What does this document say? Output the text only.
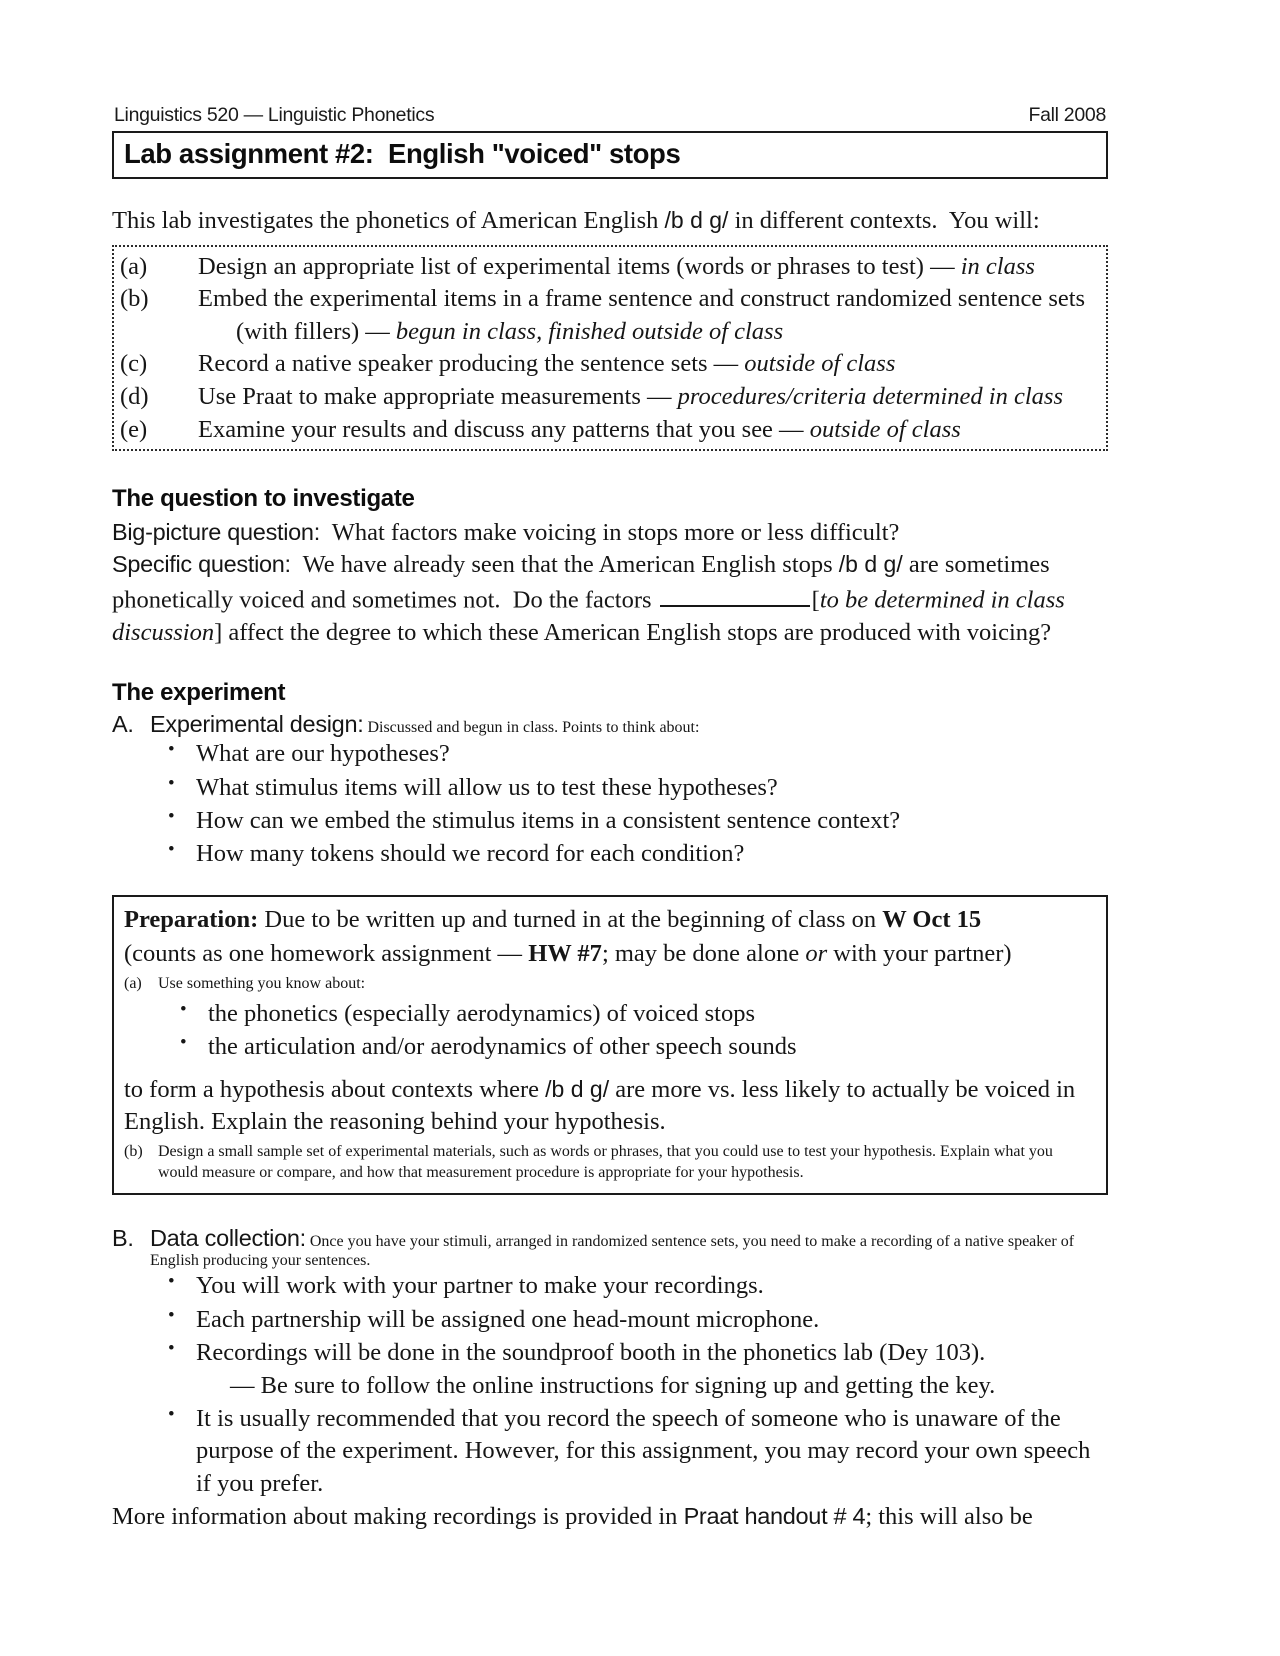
Linguistics 520 — Linguistic Phonetics	Fall 2008
Lab assignment #2:  English "voiced" stops

This lab investigates the phonetics of American English /b d g/ in different contexts.  You will:

(a)	Design an appropriate list of experimental items (words or phrases to test) — in class
(b)	Embed the experimental items in a frame sentence and construct randomized sentence sets
(with fillers) — begun in class, finished outside of class
(c)	Record a native speaker producing the sentence sets — outside of class
(d)	Use Praat to make appropriate measurements — procedures/criteria determined in class
(e)	Examine your results and discuss any patterns that you see — outside of class
The question to investigate
Big-picture question:  What factors make voicing in stops more or less difficult?
Specific question:  We have already seen that the American English stops /b d g/ are sometimes phonetically voiced and sometimes not.  Do the factors	[to be determined in class discussion] affect the degree to which these American English stops are produced with voicing?
The experiment
A. Experimental design: Discussed and begun in class. Points to think about:
• What are our hypotheses?
• What stimulus items will allow us to test these hypotheses?
• How can we embed the stimulus items in a consistent sentence context?
• How many tokens should we record for each condition?
Preparation: Due to be written up and turned in at the beginning of class on W Oct 15
(counts as one homework assignment — HW #7; may be done alone or with your partner)
(a)	Use something you know about:
• the phonetics (especially aerodynamics) of voiced stops
• the articulation and/or aerodynamics of other speech sounds
to form a hypothesis about contexts where /b d g/ are more vs. less likely to actually be voiced in English. Explain the reasoning behind your hypothesis.
(b) Design a small sample set of experimental materials, such as words or phrases, that you could use to test your hypothesis. Explain what you would measure or compare, and how that measurement procedure is appropriate for your hypothesis.
B. Data collection: Once you have your stimuli, arranged in randomized sentence sets, you need to make a recording of a native speaker of English producing your sentences.
• You will work with your partner to make your recordings.
• Each partnership will be assigned one head-mount microphone.
• Recordings will be done in the soundproof booth in the phonetics lab (Dey 103).
— Be sure to follow the online instructions for signing up and getting the key.
• It is usually recommended that you record the speech of someone who is unaware of the purpose of the experiment. However, for this assignment, you may record your own speech if you prefer.
More information about making recordings is provided in Praat handout # 4; this will also be
